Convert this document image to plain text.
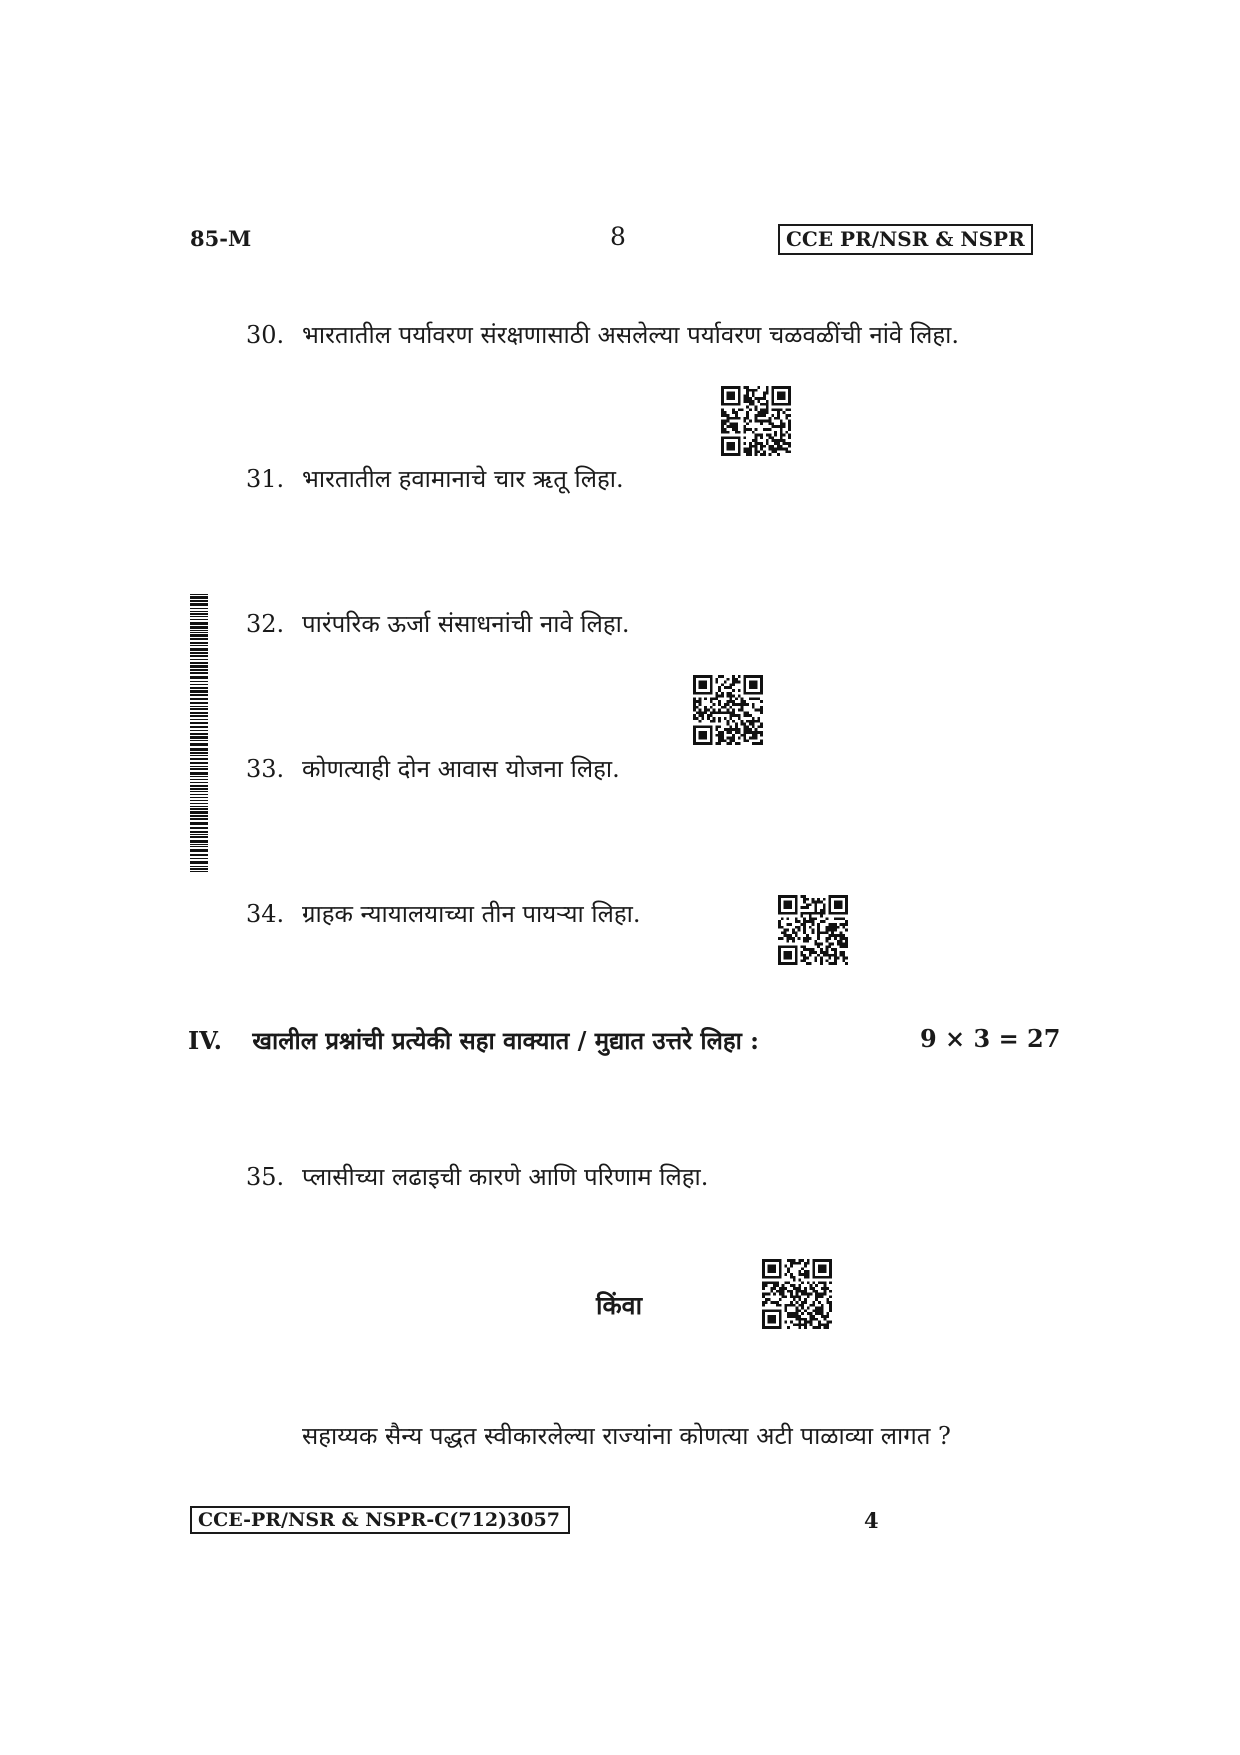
85-M	8	CCE PR/NSR & NSPR
30. भारतातील पर्यावरण संरक्षणासाठी असलेल्या पर्यावरण चळवळींची नांवे लिहा.
31. भारतातील हवामानाचे चार ऋतू लिहा.
32. पारंपरिक ऊर्जा संसाधनांची नावे लिहा.
33. कोणत्याही दोन आवास योजना लिहा.
34. ग्राहक न्यायालयाच्या तीन पायऱ्या लिहा.
IV. खालील प्रश्नांची प्रत्येकी सहा वाक्यात / मुद्यात उत्तरे लिहा :	9 × 3 = 27
35. प्लासीच्या लढाइची कारणे आणि परिणाम लिहा.
किंवा
सहाय्यक सैन्य पद्धत स्वीकारलेल्या राज्यांना कोणत्या अटी पाळाव्या लागत ?
CCE-PR/NSR & NSPR-C(712)3057	4
